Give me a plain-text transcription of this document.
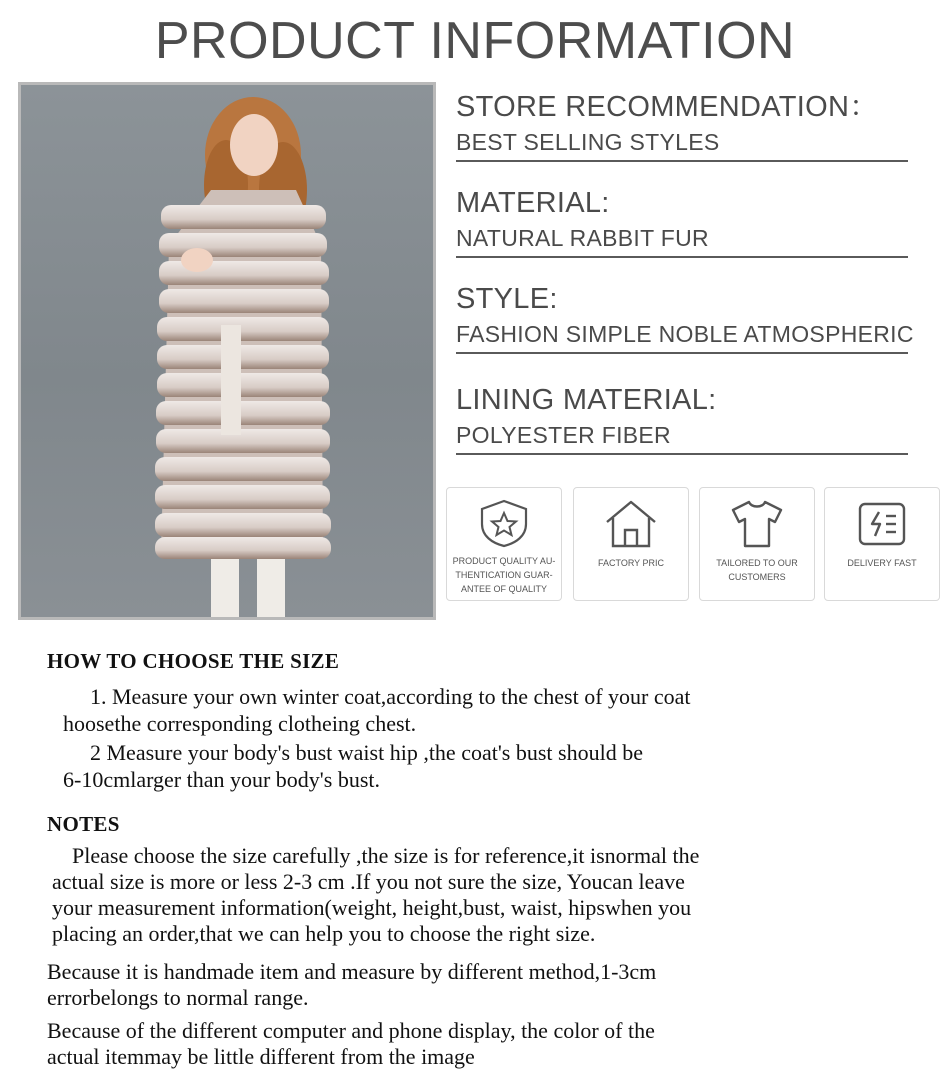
PRODUCT INFORMATION
STORE RECOMMENDATION：
BEST SELLING STYLES
MATERIAL:
NATURAL RABBIT FUR
STYLE:
FASHION SIMPLE NOBLE ATMOSPHERIC
LINING MATERIAL:
POLYESTER FIBER
PRODUCT QUALITY AU-
THENTICATION GUAR-
ANTEE OF QUALITY
FACTORY PRIC	TAILORED TO OUR
CUSTOMERS
DELIVERY FAST
HOW TO CHOOSE THE SIZE
1. Measure your own winter coat,according to the chest of your coat
hoosethe corresponding clotheing chest.
2 Measure your body's bust waist hip ,the coat's bust should be
6-10cmlarger than your body's bust.
NOTES
Please choose the size carefully ,the size is for reference,it isnormal the
actual size is more or less 2-3 cm .If you not sure the size, Youcan leave
your measurement information(weight, height,bust, waist, hipswhen you
placing an order,that we can help you to choose the right size.
Because it is handmade item and measure by different method,1-3cm
errorbelongs to normal range.
Because of the different computer and phone display, the color of the
actual itemmay be little different from the image
